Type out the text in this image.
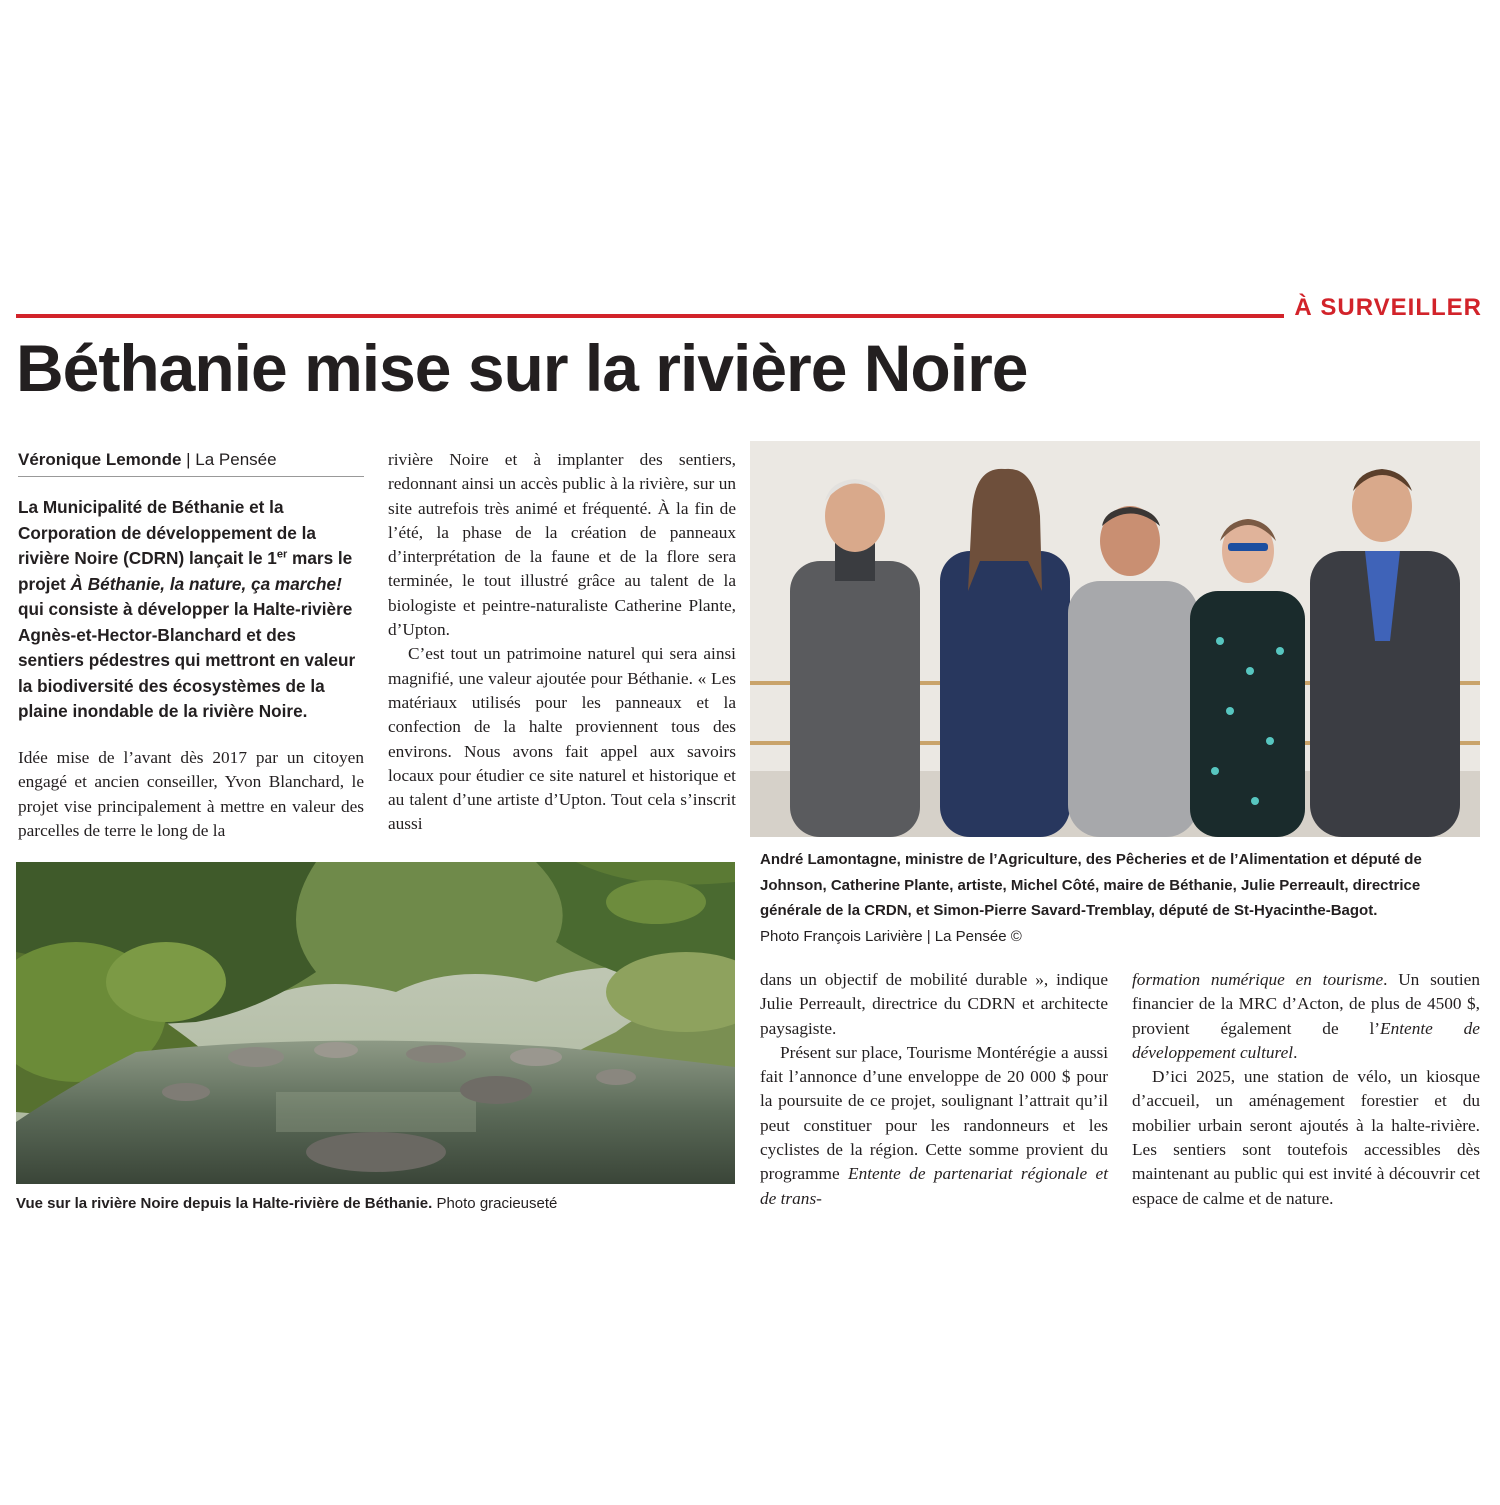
À SURVEILLER
Béthanie mise sur la rivière Noire
Véronique Lemonde | La Pensée
La Municipalité de Béthanie et la Corporation de développement de la rivière Noire (CDRN) lançait le 1er mars le projet À Béthanie, la nature, ça marche! qui consiste à développer la Halte-rivière Agnès-et-Hector-Blanchard et des sentiers pédestres qui mettront en valeur la biodiversité des écosystèmes de la plaine inondable de la rivière Noire.

Idée mise de l’avant dès 2017 par un citoyen engagé et ancien conseiller, Yvon Blanchard, le projet vise principalement à mettre en valeur des parcelles de terre le long de la

rivière Noire et à implanter des sentiers, redonnant ainsi un accès public à la rivière, sur un site autrefois très animé et fréquenté. À la fin de l’été, la phase de la création de panneaux d’interprétation de la faune et de la flore sera terminée, le tout illustré grâce au talent de la biologiste et peintre-naturaliste Catherine Plante, d’Upton.

C’est tout un patrimoine naturel qui sera ainsi magnifié, une valeur ajoutée pour Béthanie. « Les matériaux utilisés pour les panneaux et la confection de la halte proviennent tous des environs. Nous avons fait appel aux savoirs locaux pour étudier ce site naturel et historique et au talent d’une artiste d’Upton. Tout cela s’inscrit aussi

dans un objectif de mobilité durable », indique Julie Perreault, directrice du CDRN et architecte paysagiste.

Présent sur place, Tourisme Montérégie a aussi fait l’annonce d’une enveloppe de 20 000 $ pour la poursuite de ce projet, soulignant l’attrait qu’il peut constituer pour les randonneurs et les cyclistes de la région. Cette somme provient du programme Entente de partenariat régionale et de trans-

formation numérique en tourisme. Un soutien financier de la MRC d’Acton, de plus de 4500 $, provient également de l’Entente de développement culturel.

D’ici 2025, une station de vélo, un kiosque d’accueil, un aménagement forestier et du mobilier urbain seront ajoutés à la halte-rivière. Les sentiers sont toutefois accessibles dès maintenant au public qui est invité à découvrir cet espace de calme et de nature.

Vue sur la rivière Noire depuis la Halte-rivière de Béthanie. Photo gracieuseté
André Lamontagne, ministre de l’Agriculture, des Pêcheries et de l’Alimentation et député de Johnson, Catherine Plante, artiste, Michel Côté, maire de Béthanie, Julie Perreault, directrice générale de la CRDN, et Simon-Pierre Savard-Tremblay, député de St-Hyacinthe-Bagot.
Photo François Larivière | La Pensée ©
